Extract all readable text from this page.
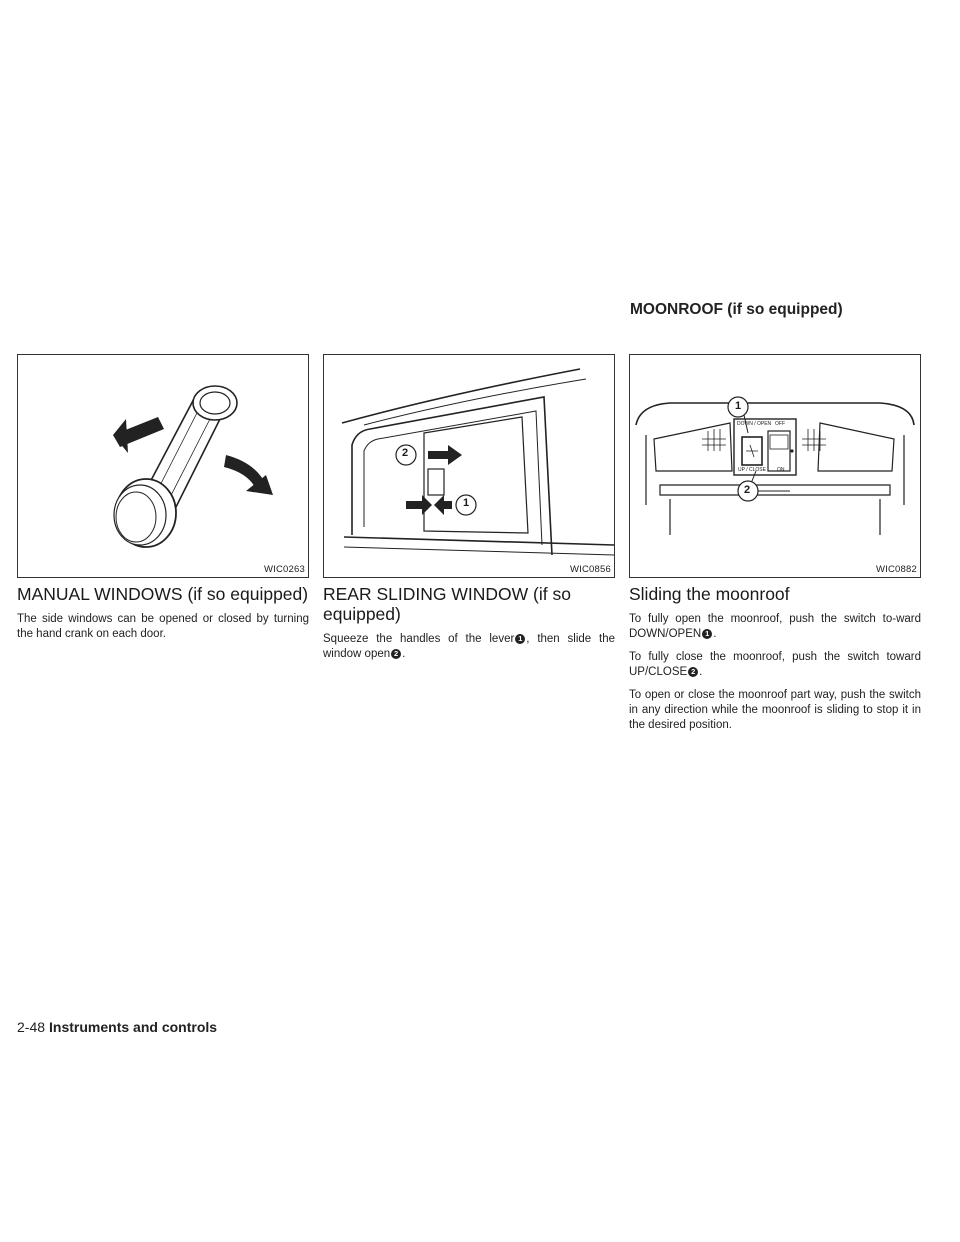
MOONROOF (if so equipped)
WIC0263
MANUAL WINDOWS (if so equipped)

The side windows can be opened or closed by turning the hand crank on each door.

2
1
WIC0856
REAR SLIDING WINDOW (if so equipped)

Squeeze the handles of the lever 1 , then slide the window open 2 .

1
2
DOWN / OPEN
UP / CLOSE
OFF
ON
WIC0882
Sliding the moonroof

To fully open the moonroof, push the switch to-ward DOWN/OPEN 1 .

To fully close the moonroof, push the switch toward UP/CLOSE 2 .

To open or close the moonroof part way, push the switch in any direction while the moonroof is sliding to stop it in the desired position.

2-48 Instruments and controls
